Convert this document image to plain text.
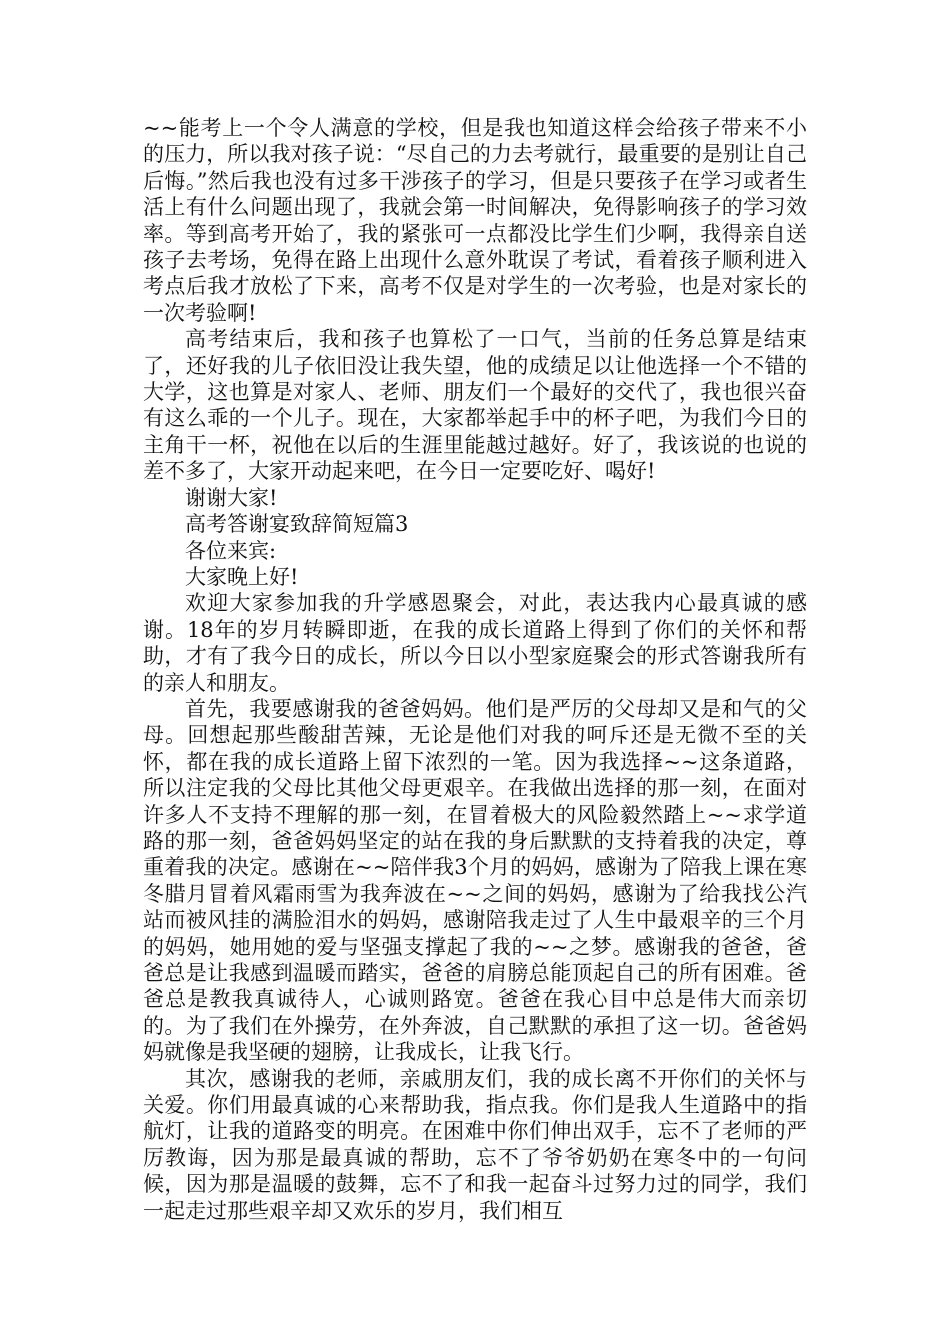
~~能考上一个令人满意的学校，但是我也知道这样会给孩子带来不小的压力，所以我对孩子说：“尽自己的力去考就行，最重要的是别让自己后悔。”然后我也没有过多干涉孩子的学习，但是只要孩子在学习或者生活上有什么问题出现了，我就会第一时间解决，免得影响孩子的学习效率。等到高考开始了，我的紧张可一点都没比学生们少啊，我得亲自送孩子去考场，免得在路上出现什么意外耽误了考试，看着孩子顺利进入考点后我才放松了下来，高考不仅是对学生的一次考验，也是对家长的一次考验啊!

高考结束后，我和孩子也算松了一口气，当前的任务总算是结束了，还好我的儿子依旧没让我失望，他的成绩足以让他选择一个不错的大学，这也算是对家人、老师、朋友们一个最好的交代了，我也很兴奋有这么乖的一个儿子。现在，大家都举起手中的杯子吧，为我们今日的主角干一杯，祝他在以后的生涯里能越过越好。好了，我该说的也说的差不多了，大家开动起来吧，在今日一定要吃好、喝好!

谢谢大家!

高考答谢宴致辞简短篇3

各位来宾:

大家晚上好!

欢迎大家参加我的升学感恩聚会，对此，表达我内心最真诚的感谢。18年的岁月转瞬即逝，在我的成长道路上得到了你们的关怀和帮助，才有了我今日的成长，所以今日以小型家庭聚会的形式答谢我所有的亲人和朋友。

首先，我要感谢我的爸爸妈妈。他们是严厉的父母却又是和气的父母。回想起那些酸甜苦辣，无论是他们对我的呵斥还是无微不至的关怀，都在我的成长道路上留下浓烈的一笔。因为我选择~~这条道路，所以注定我的父母比其他父母更艰辛。在我做出选择的那一刻，在面对许多人不支持不理解的那一刻，在冒着极大的风险毅然踏上~~求学道路的那一刻，爸爸妈妈坚定的站在我的身后默默的支持着我的决定，尊重着我的决定。感谢在~~陪伴我3个月的妈妈，感谢为了陪我上课在寒冬腊月冒着风霜雨雪为我奔波在~~之间的妈妈，感谢为了给我找公汽站而被风挂的满脸泪水的妈妈，感谢陪我走过了人生中最艰辛的三个月的妈妈，她用她的爱与坚强支撑起了我的~~之梦。感谢我的爸爸，爸爸总是让我感到温暖而踏实，爸爸的肩膀总能顶起自己的所有困难。爸爸总是教我真诚待人，心诚则路宽。爸爸在我心目中总是伟大而亲切的。为了我们在外操劳，在外奔波，自己默默的承担了这一切。爸爸妈妈就像是我坚硬的翅膀，让我成长，让我飞行。

其次，感谢我的老师，亲戚朋友们，我的成长离不开你们的关怀与关爱。你们用最真诚的心来帮助我，指点我。你们是我人生道路中的指航灯，让我的道路变的明亮。在困难中你们伸出双手，忘不了老师的严厉教诲，因为那是最真诚的帮助，忘不了爷爷奶奶在寒冬中的一句问候，因为那是温暖的鼓舞，忘不了和我一起奋斗过努力过的同学，我们一起走过那些艰辛却又欢乐的岁月，我们相互
